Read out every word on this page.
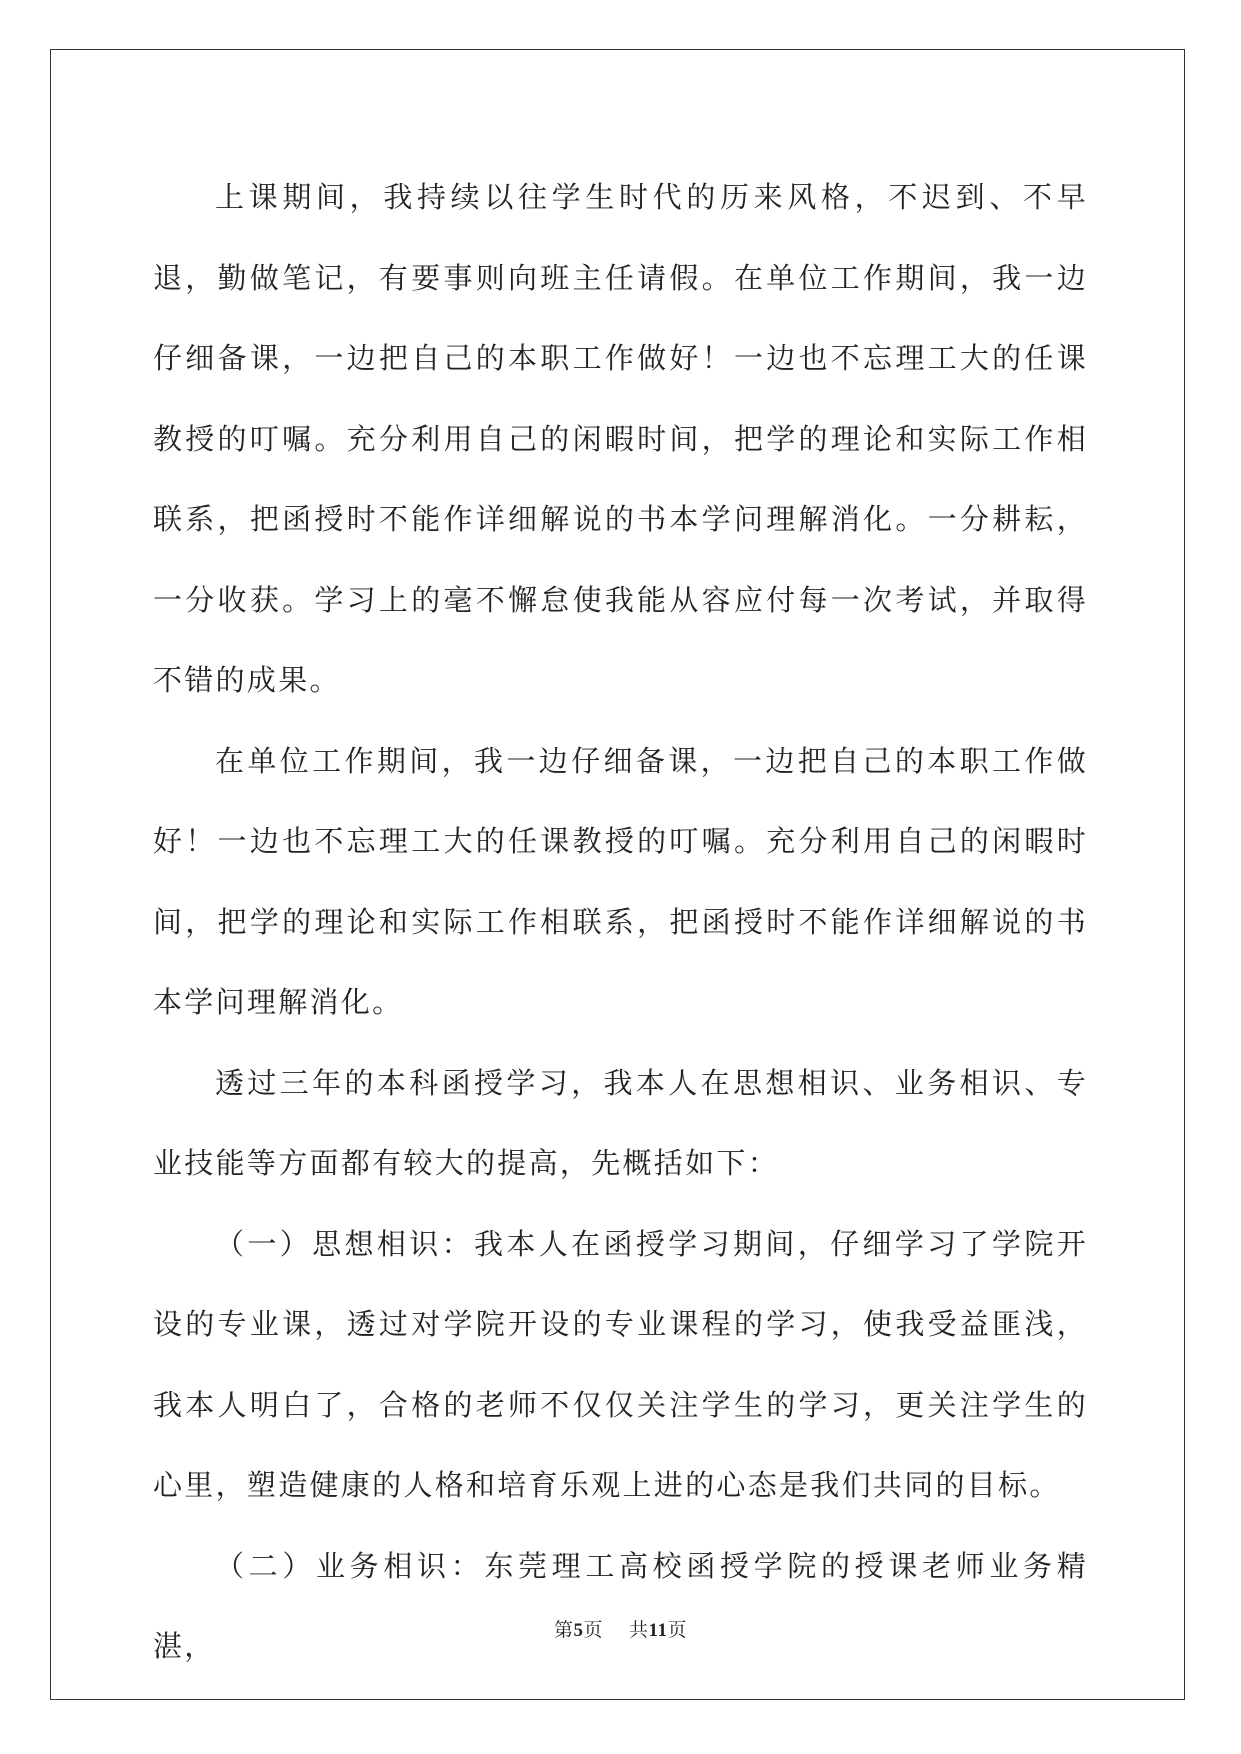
上课期间，我持续以往学生时代的历来风格，不迟到、不早退，勤做笔记，有要事则向班主任请假。在单位工作期间，我一边仔细备课，一边把自己的本职工作做好！一边也不忘理工大的任课教授的叮嘱。充分利用自己的闲暇时间，把学的理论和实际工作相联系，把函授时不能作详细解说的书本学问理解消化。一分耕耘，一分收获。学习上的毫不懈怠使我能从容应付每一次考试，并取得不错的成果。

在单位工作期间，我一边仔细备课，一边把自己的本职工作做好！一边也不忘理工大的任课教授的叮嘱。充分利用自己的闲暇时间，把学的理论和实际工作相联系，把函授时不能作详细解说的书本学问理解消化。

透过三年的本科函授学习，我本人在思想相识、业务相识、专业技能等方面都有较大的提高，先概括如下：

（一）思想相识：我本人在函授学习期间，仔细学习了学院开设的专业课，透过对学院开设的专业课程的学习，使我受益匪浅，我本人明白了，合格的老师不仅仅关注学生的学习，更关注学生的心里，塑造健康的人格和培育乐观上进的心态是我们共同的目标。

（二）业务相识：东莞理工高校函授学院的授课老师业务精湛，	第5页 共11页
